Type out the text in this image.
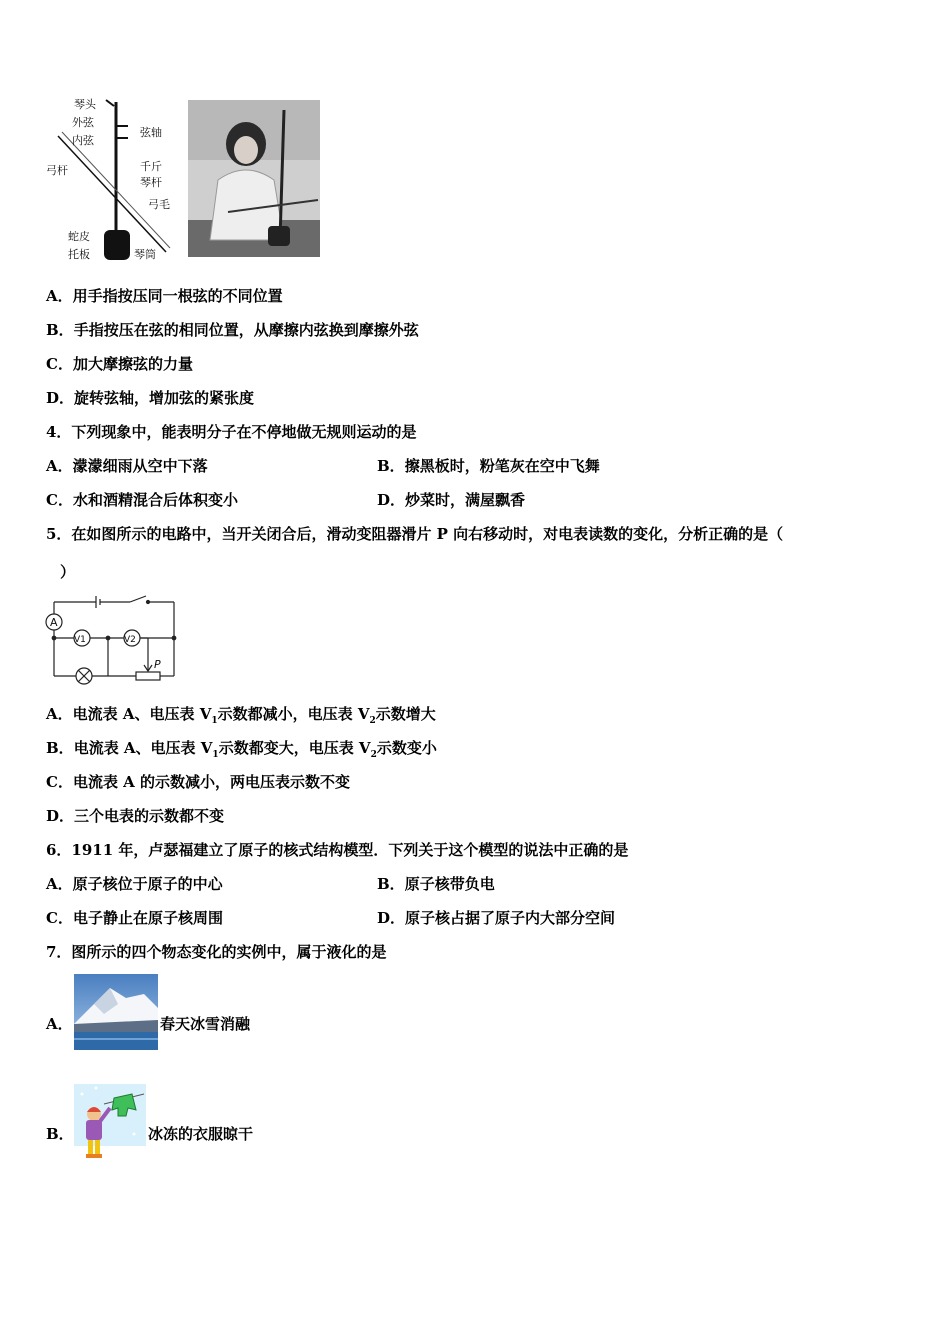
琴头
外弦
内弦
弦轴
弓杆	千斤
琴杆
弓毛
蛇皮
托板	琴筒
A．用手指按压同一根弦的不同位置
B．手指按压在弦的相同位置，从摩擦内弦换到摩擦外弦
C．加大摩擦弦的力量
D．旋转弦轴，增加弦的紧张度
4．下列现象中，能表明分子在不停地做无规则运动的是
A．濛濛细雨从空中下落	B．擦黑板时，粉笔灰在空中飞舞
C．水和酒精混合后体积变小	D．炒菜时，满屋飘香
5．在如图所示的电路中，当开关闭合后，滑动变阻器滑片 P 向右移动时，对电表读数的变化，分析正确的是（
）
A
V1	V2
P
A．电流表 A、电压表 $V_1$示数都减小，电压表 $V_2$示数增大
B．电流表 A、电压表 $V_1$示数都变大，电压表 $V_2$示数变小
C．电流表 A 的示数减小，两电压表示数不变
D．三个电表的示数都不变
6．1911 年，卢瑟福建立了原子的核式结构模型．下列关于这个模型的说法中正确的是
A．原子核位于原子的中心	B．原子核带负电
C．电子静止在原子核周围	D．原子核占据了原子内大部分空间
7．图所示的四个物态变化的实例中，属于液化的是
A．	春天冰雪消融
B．	冰冻的衣服晾干
